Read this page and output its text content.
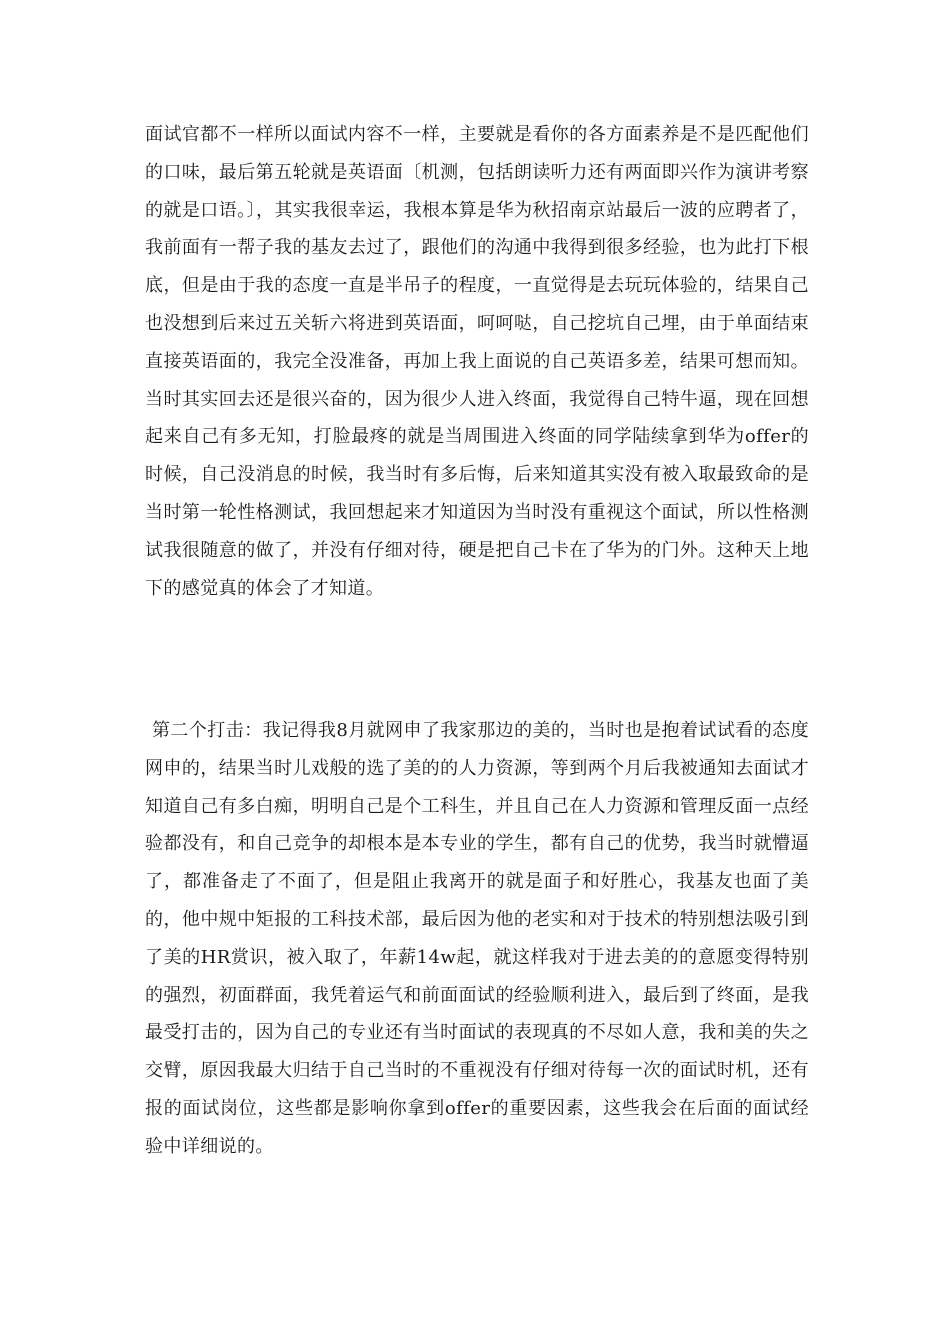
面试官都不一样所以面试内容不一样，主要就是看你的各方面素养是不是匹配他们的口味，最后第五轮就是英语面〔机测，包括朗读听力还有两面即兴作为演讲考察的就是口语。〕，其实我很幸运，我根本算是华为秋招南京站最后一波的应聘者了，我前面有一帮子我的基友去过了，跟他们的沟通中我得到很多经验，也为此打下根底，但是由于我的态度一直是半吊子的程度，一直觉得是去玩玩体验的，结果自己也没想到后来过五关斩六将进到英语面，呵呵哒，自己挖坑自己埋，由于单面结束直接英语面的，我完全没准备，再加上我上面说的自己英语多差，结果可想而知。当时其实回去还是很兴奋的，因为很少人进入终面，我觉得自己特牛逼，现在回想起来自己有多无知，打脸最疼的就是当周围进入终面的同学陆续拿到华为offer的时候，自己没消息的时候，我当时有多后悔，后来知道其实没有被入取最致命的是当时第一轮性格测试，我回想起来才知道因为当时没有重视这个面试，所以性格测试我很随意的做了，并没有仔细对待，硬是把自己卡在了华为的门外。这种天上地下的感觉真的体会了才知道。

第二个打击：我记得我8月就网申了我家那边的美的，当时也是抱着试试看的态度网申的，结果当时儿戏般的选了美的的人力资源，等到两个月后我被通知去面试才知道自己有多白痴，明明自己是个工科生，并且自己在人力资源和管理反面一点经验都没有，和自己竞争的却根本是本专业的学生，都有自己的优势，我当时就懵逼了，都准备走了不面了，但是阻止我离开的就是面子和好胜心，我基友也面了美的，他中规中矩报的工科技术部，最后因为他的老实和对于技术的特别想法吸引到了美的HR赏识，被入取了，年薪14w起，就这样我对于进去美的的意愿变得特别的强烈，初面群面，我凭着运气和前面面试的经验顺利进入，最后到了终面，是我最受打击的，因为自己的专业还有当时面试的表现真的不尽如人意，我和美的失之交臂，原因我最大归结于自己当时的不重视没有仔细对待每一次的面试时机，还有报的面试岗位，这些都是影响你拿到offer的重要因素，这些我会在后面的面试经验中详细说的。
